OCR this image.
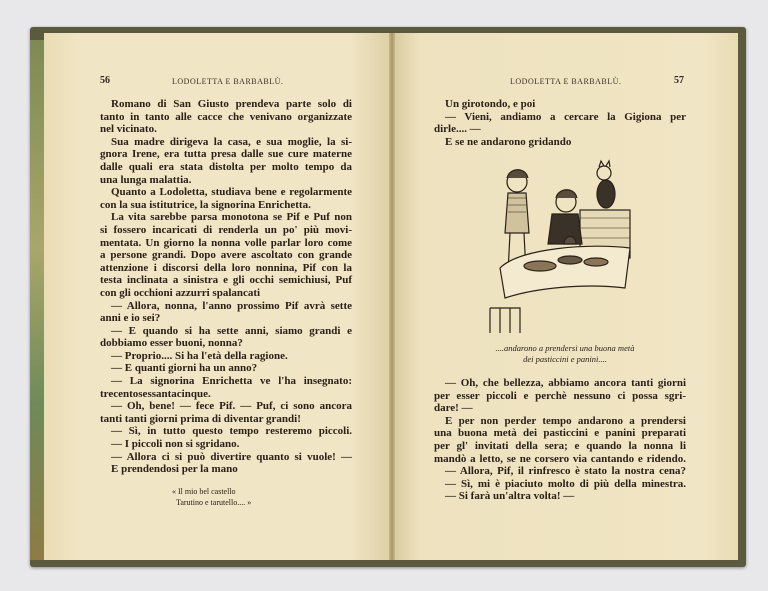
56	LODOLETTA E BARBABLÙ.	LODOLETTA E BARBABLÙ.	57
Romano di San Giusto prendeva parte solo di
tanto in tanto alle cacce che venivano organizzate
nel vicinato.
Sua madre dirigeva la casa, e sua moglie, la si-
gnora Irene, era tutta presa dalle sue cure materne
dalle quali era stata distolta per molto tempo da
una lunga malattia.
Quanto a Lodoletta, studiava bene e regolarmente
con la sua istitutrice, la signorina Enrichetta.
La vita sarebbe parsa monotona se Pif e Puf non
si fossero incaricati di renderla un po' più movi-
mentata. Un giorno la nonna volle parlar loro come
a persone grandi. Dopo avere ascoltato con grande
attenzione i discorsi della loro nonnina, Pif con la
testa inclinata a sinistra e gli occhi semichiusi, Puf
con gli occhioni azzurri spalancati
— Allora, nonna, l'anno prossimo Pif avrà sette
anni e io sei?
— E quando si ha sette anni, siamo grandi e
dobbiamo esser buoni, nonna?
— Proprio.... Si ha l'età della ragione.
— E quanti giorni ha un anno?
— La signorina Enrichetta ve l'ha insegnato:
trecentosessantacinque.
— Oh, bene! — fece Pif. — Puf, ci sono ancora
tanti tanti giorni prima di diventar grandi!
— Sì, in tutto questo tempo resteremo piccoli.
— I piccoli non si sgridano.
— Allora ci si può divertire quanto si vuole! —
E prendendosi per la mano
« Il mio bel castello
Tarutino e tarutello.... »
Un girotondo, e poi
— Vieni, andiamo a cercare la Gigiona per
dirle.... —
E se ne andarono gridando
....andarono a prendersi una buona metà
dei pasticcini e panini....
— Oh, che bellezza, abbiamo ancora tanti giorni
per esser piccoli e perchè nessuno ci possa sgri-
dare! —
E per non perder tempo andarono a prendersi
una buona metà dei pasticcini e panini preparati
per gl' invitati della sera; e quando la nonna li
mandò a letto, se ne corsero via cantando e ridendo.
— Allora, Pif, il rinfresco è stato la nostra cena?
— Sì, mi è piaciuto molto di più della minestra.
— Si farà un'altra volta! —
